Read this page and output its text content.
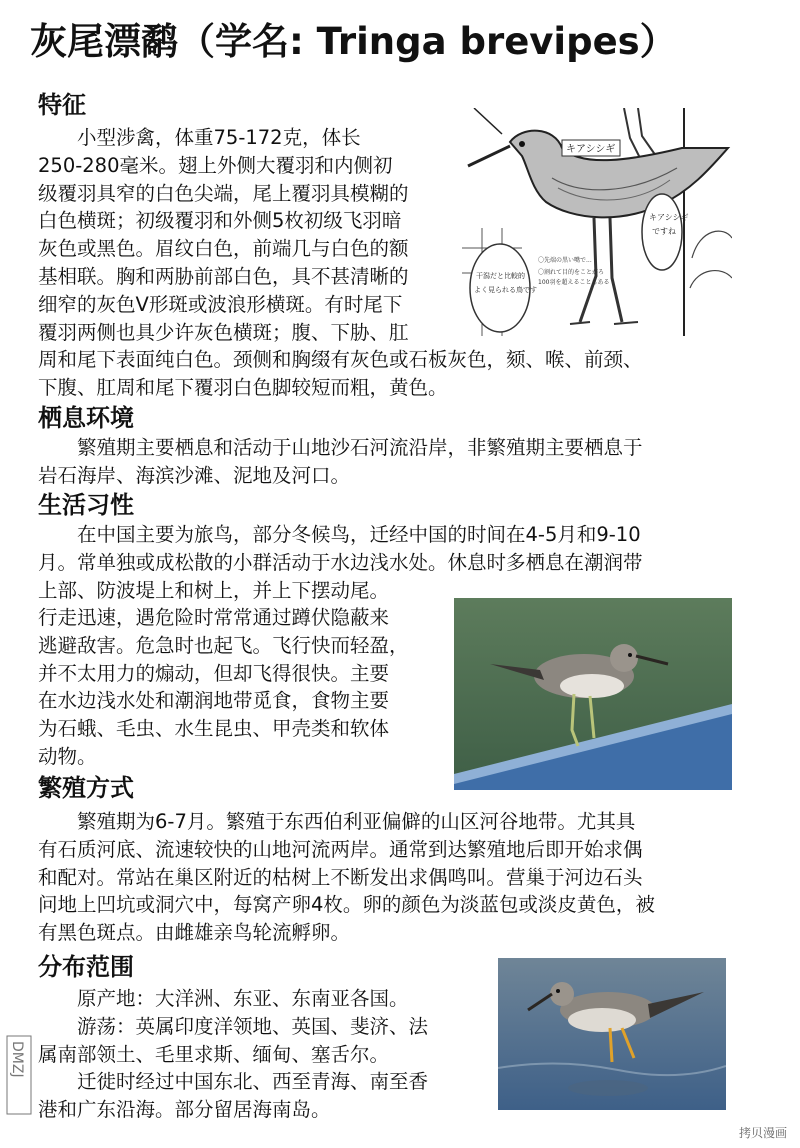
灰尾漂鹬（学名: Tringa brevipes）
特征
　　小型涉禽，体重75-172克，体长
250-280毫米。翅上外侧大覆羽和内侧初
级覆羽具窄的白色尖端，尾上覆羽具模糊的
白色横斑；初级覆羽和外侧5枚初级飞羽暗
灰色或黑色。眉纹白色，前端几与白色的额
基相联。胸和两胁前部白色，具不甚清晰的
细窄的灰色V形斑或波浪形横斑。有时尾下
覆羽两侧也具少许灰色横斑；腹、下胁、肛
周和尾下表面纯白色。颈侧和胸缀有灰色或石板灰色，颏、喉、前颈、
下腹、肛周和尾下覆羽白色脚较短而粗，黄色。
キアシシギ
キアシシギ
ですね
干潟だと比較的
よく見られる鳥です
〇先端の黒い嘴で...
〇割れて目的をことがろ
100羽を超えることもある
栖息环境
　　繁殖期主要栖息和活动于山地沙石河流沿岸，非繁殖期主要栖息于
岩石海岸、海滨沙滩、泥地及河口。
生活习性
　　在中国主要为旅鸟，部分冬候鸟，迁经中国的时间在4-5月和9-10
月。常单独或成松散的小群活动于水边浅水处。休息时多栖息在潮润带
上部、防波堤上和树上，并上下摆动尾。
行走迅速，遇危险时常常通过蹲伏隐蔽来
逃避敌害。危急时也起飞。飞行快而轻盈，
并不太用力的煽动，但却飞得很快。主要
在水边浅水处和潮润地带觅食，食物主要
为石蛾、毛虫、水生昆虫、甲壳类和软体
动物。
繁殖方式
　　繁殖期为6-7月。繁殖于东西伯利亚偏僻的山区河谷地带。尤其具
有石质河底、流速较快的山地河流两岸。通常到达繁殖地后即开始求偶
和配对。常站在巢区附近的枯树上不断发出求偶鸣叫。营巢于河边石头
问地上凹坑或洞穴中，每窝产卵4枚。卵的颜色为淡蓝包或淡皮黄色，被
有黑色斑点。由雌雄亲鸟轮流孵卵。
分布范围
　　原产地：大洋洲、东亚、东南亚各国。
　　游荡：英属印度洋领地、英国、斐济、法
属南部领土、毛里求斯、缅甸、塞舌尔。
　　迁徙时经过中国东北、西至青海、南至香
港和广东沿海。部分留居海南岛。
DMZJ
拷贝漫画
